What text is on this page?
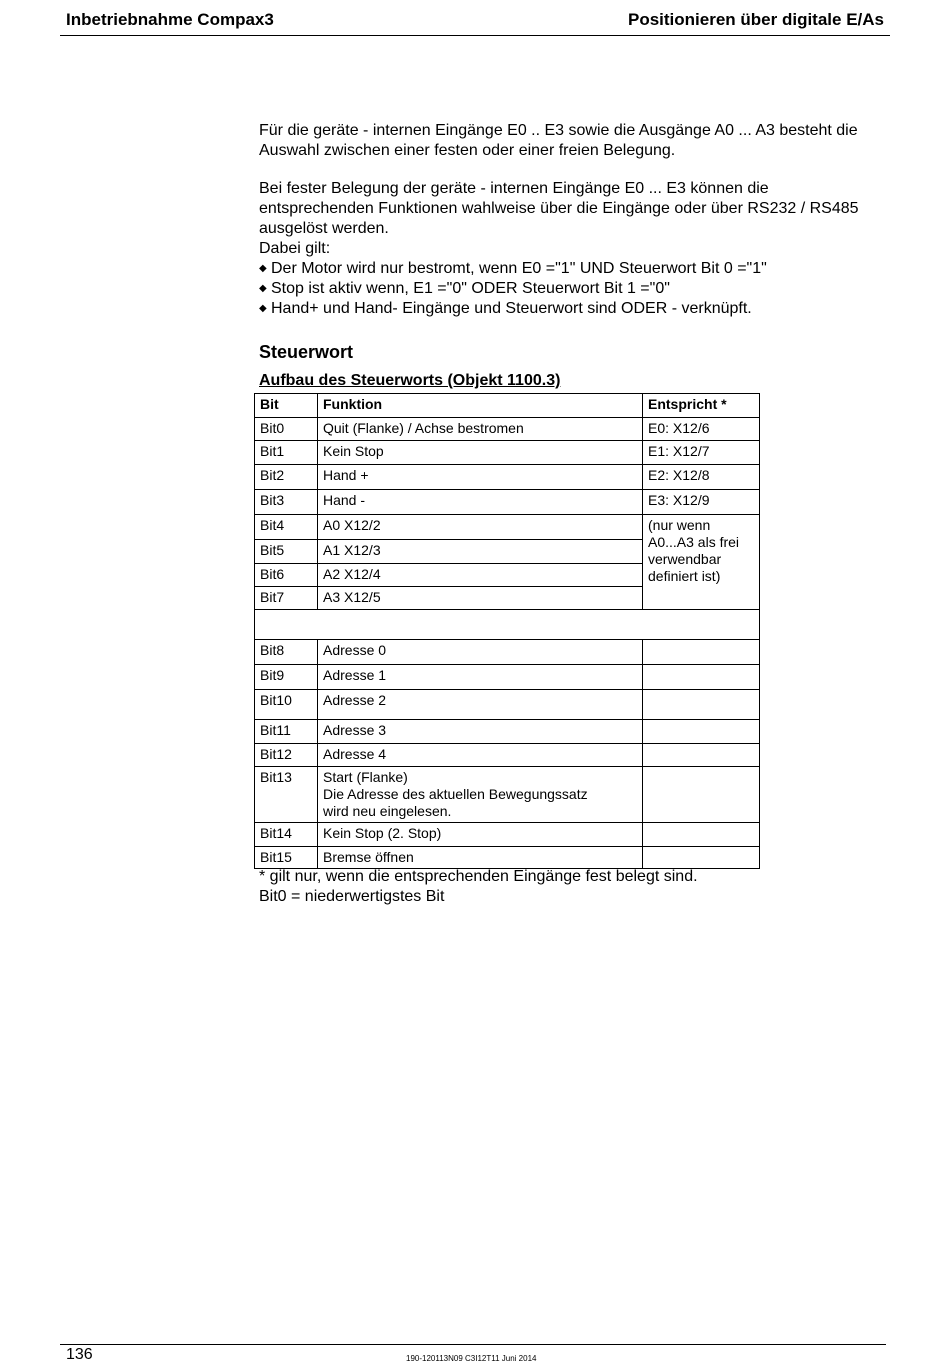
Inbetriebnahme Compax3	Positionieren über digitale E/As

Für die geräte - internen Eingänge E0 .. E3 sowie die Ausgänge A0 ... A3 besteht die Auswahl zwischen einer festen oder einer freien Belegung.

Bei fester Belegung der geräte - internen Eingänge E0 ... E3 können die entsprechenden Funktionen wahlweise über die Eingänge oder über RS232 / RS485 ausgelöst werden.

Dabei gilt:

◆ Der Motor wird nur bestromt, wenn E0 ="1" UND Steuerwort Bit 0 ="1"
◆ Stop ist aktiv wenn, E1 ="0" ODER Steuerwort Bit 1 ="0"
◆ Hand+ und Hand- Eingänge und Steuerwort sind ODER - verknüpft.
Steuerwort
Aufbau des Steuerworts (Objekt 1100.3)
Bit	Funktion	Entspricht *
Bit0	Quit (Flanke) / Achse bestromen	E0: X12/6
Bit1	Kein Stop	E1: X12/7
Bit2	Hand +	E2: X12/8
Bit3	Hand -	E3: X12/9
Bit4	A0 X12/2	(nur wenn A0...A3 als frei verwendbar definiert ist)
Bit5	A1 X12/3	
Bit6	A2 X12/4	
Bit7	A3 X12/5	

Bit8	Adresse 0	
Bit9	Adresse 1	
Bit10	Adresse 2	
Bit11	Adresse 3	
Bit12	Adresse 4	
Bit13	Start (Flanke)
Die Adresse des aktuellen Bewegungssatz
wird neu eingelesen.	

Bit14	Kein Stop (2. Stop)	
Bit15	Bremse öffnen	
* gilt nur, wenn die entsprechenden Eingänge fest belegt sind.
Bit0 = niederwertigstes Bit
136	190-120113N09 C3I12T11 Juni 2014
